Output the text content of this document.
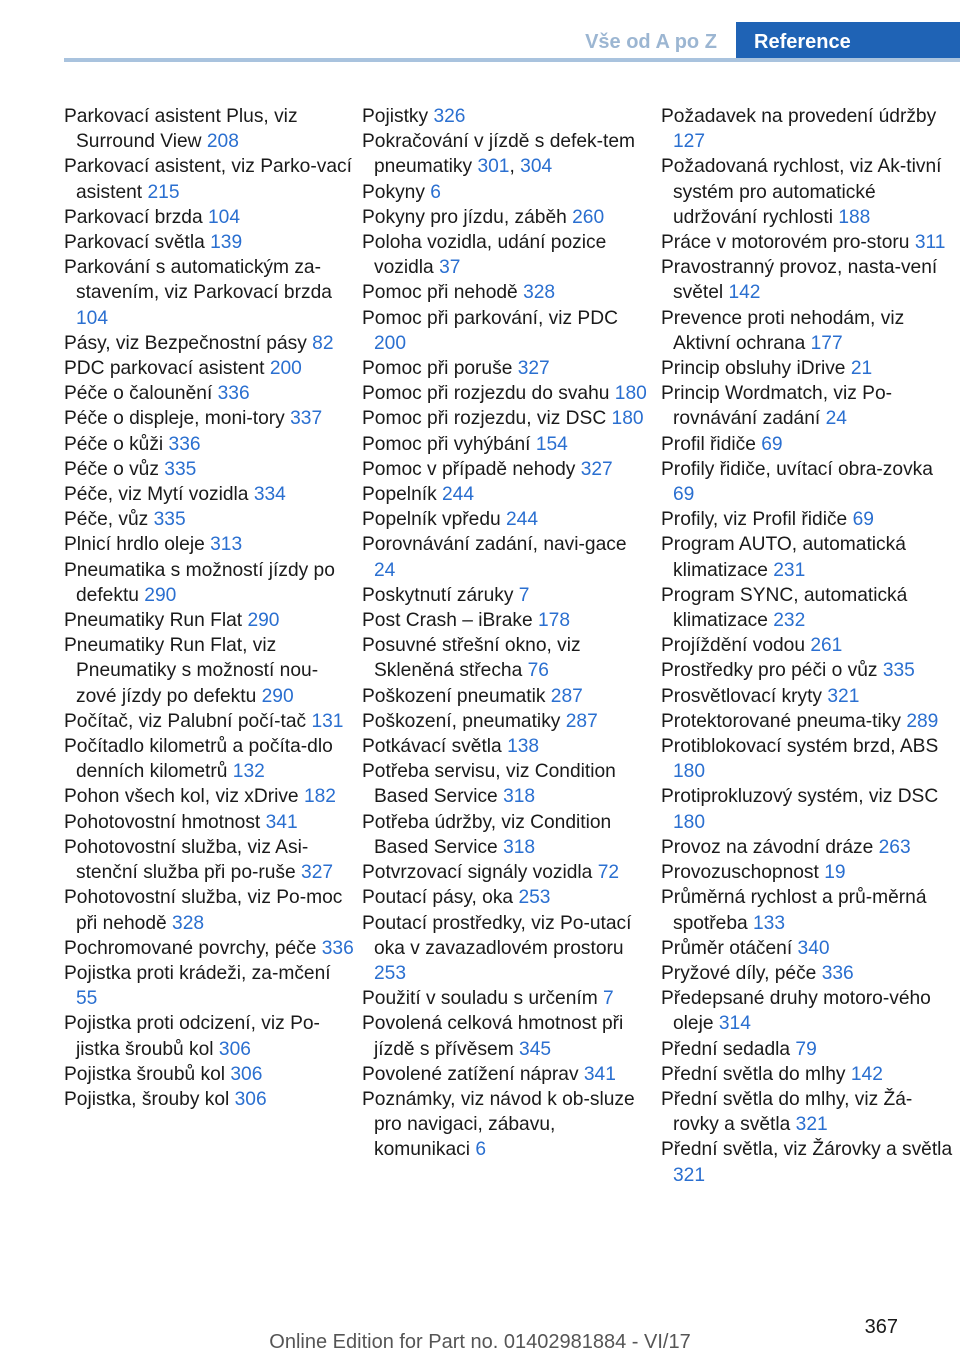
Vše od A po Z	Reference
Parkovací asistent Plus, viz Surround View 208
Parkovací asistent, viz Parko‐vací asistent 215
Parkovací brzda 104
Parkovací světla 139
Parkování s automatickým za‐stavením, viz Parkovací brzda 104
Pásy, viz Bezpečnostní pásy 82
PDC parkovací asistent 200
Péče o čalounění 336
Péče o displeje, moni‐tory 337
Péče o kůži 336
Péče o vůz 335
Péče, viz Mytí vozidla 334
Péče, vůz 335
Plnicí hrdlo oleje 313
Pneumatika s možností jízdy po defektu 290
Pneumatiky Run Flat 290
Pneumatiky Run Flat, viz Pneumatiky s možností nou‐zové jízdy po defektu 290
Počítač, viz Palubní počí‐tač 131
Počítadlo kilometrů a počíta‐dlo denních kilometrů 132
Pohon všech kol, viz xDrive 182
Pohotovostní hmotnost 341
Pohotovostní služba, viz Asi‐stenční služba při po‐ruše 327
Pohotovostní služba, viz Po‐moc při nehodě 328
Pochromované povrchy, péče 336
Pojistka proti krádeži, za‐mčení 55
Pojistka proti odcizení, viz Po‐jistka šroubů kol 306
Pojistka šroubů kol 306
Pojistka, šrouby kol 306
Pojistky 326
Pokračování v jízdě s defek‐tem pneumatiky 301, 304
Pokyny 6
Pokyny pro jízdu, záběh 260
Poloha vozidla, udání pozice vozidla 37
Pomoc při nehodě 328
Pomoc při parkování, viz PDC 200
Pomoc při poruše 327
Pomoc při rozjezdu do svahu 180
Pomoc při rozjezdu, viz DSC 180
Pomoc při vyhýbání 154
Pomoc v případě nehody 327
Popelník 244
Popelník vpředu 244
Porovnávání zadání, navi‐gace 24
Poskytnutí záruky 7
Post Crash – iBrake 178
Posuvné střešní okno, viz Skleněná střecha 76
Poškození pneumatik 287
Poškození, pneumatiky 287
Potkávací světla 138
Potřeba servisu, viz Condition Based Service 318
Potřeba údržby, viz Condition Based Service 318
Potvrzovací signály vozidla 72
Poutací pásy, oka 253
Poutací prostředky, viz Po‐utací oka v zavazadlovém prostoru 253
Použití v souladu s určením 7
Povolená celková hmotnost při jízdě s přívěsem 345
Povolené zatížení náprav 341
Poznámky, viz návod k ob‐sluze pro navigaci, zábavu, komunikaci 6
Požadavek na provedení údržby 127
Požadovaná rychlost, viz Ak‐tivní systém pro automatické udržování rychlosti 188
Práce v motorovém pro‐storu 311
Pravostranný provoz, nasta‐vení světel 142
Prevence proti nehodám, viz Aktivní ochrana 177
Princip obsluhy iDrive 21
Princip Wordmatch, viz Po‐rovnávání zadání 24
Profil řidiče 69
Profily řidiče, uvítací obra‐zovka 69
Profily, viz Profil řidiče 69
Program AUTO, automatická klimatizace 231
Program SYNC, automatická klimatizace 232
Projíždění vodou 261
Prostředky pro péči o vůz 335
Prosvětlovací kryty 321
Protektorované pneuma‐tiky 289
Protiblokovací systém brzd, ABS 180
Protiprokluzový systém, viz DSC 180
Provoz na závodní dráze 263
Provozuschopnost 19
Průměrná rychlost a prů‐měrná spotřeba 133
Průměr otáčení 340
Pryžové díly, péče 336
Předepsané druhy motoro‐vého oleje 314
Přední sedadla 79
Přední světla do mlhy 142
Přední světla do mlhy, viz Žá‐rovky a světla 321
Přední světla, viz Žárovky a světla 321
367
Online Edition for Part no. 01402981884 - VI/17
